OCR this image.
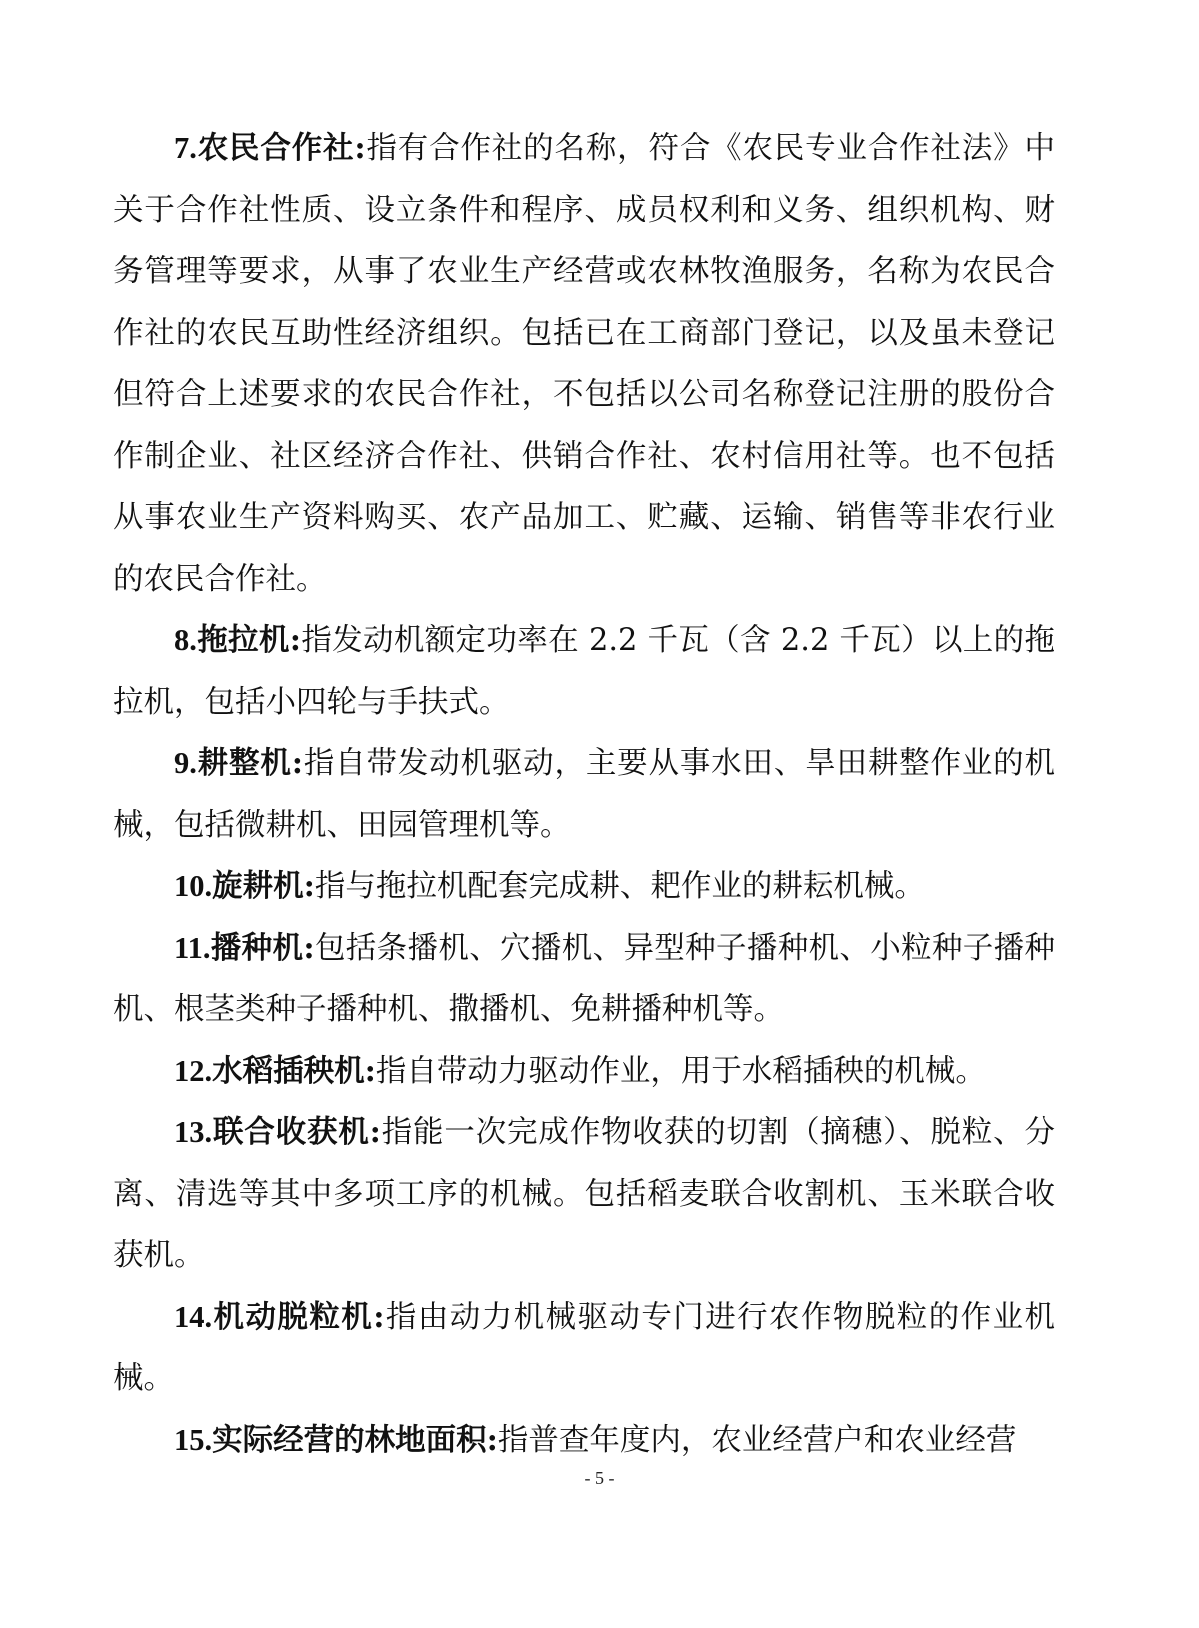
7.农民合作社:指有合作社的名称，符合《农民专业合作社法》中关于合作社性质、设立条件和程序、成员权利和义务、组织机构、财务管理等要求，从事了农业生产经营或农林牧渔服务，名称为农民合作社的农民互助性经济组织。包括已在工商部门登记，以及虽未登记但符合上述要求的农民合作社，不包括以公司名称登记注册的股份合作制企业、社区经济合作社、供销合作社、农村信用社等。也不包括从事农业生产资料购买、农产品加工、贮藏、运输、销售等非农行业的农民合作社。

8.拖拉机:指发动机额定功率在 2.2 千瓦（含 2.2 千瓦）以上的拖拉机，包括小四轮与手扶式。

9.耕整机:指自带发动机驱动，主要从事水田、旱田耕整作业的机械，包括微耕机、田园管理机等。

10.旋耕机:指与拖拉机配套完成耕、耙作业的耕耘机械。

11.播种机:包括条播机、穴播机、异型种子播种机、小粒种子播种机、根茎类种子播种机、撒播机、免耕播种机等。

12.水稻插秧机:指自带动力驱动作业，用于水稻插秧的机械。

13.联合收获机:指能一次完成作物收获的切割（摘穗）、脱粒、分离、清选等其中多项工序的机械。包括稻麦联合收割机、玉米联合收获机。

14.机动脱粒机:指由动力机械驱动专门进行农作物脱粒的作业机械。

15.实际经营的林地面积:指普查年度内，农业经营户和农业经营

- 5 -
